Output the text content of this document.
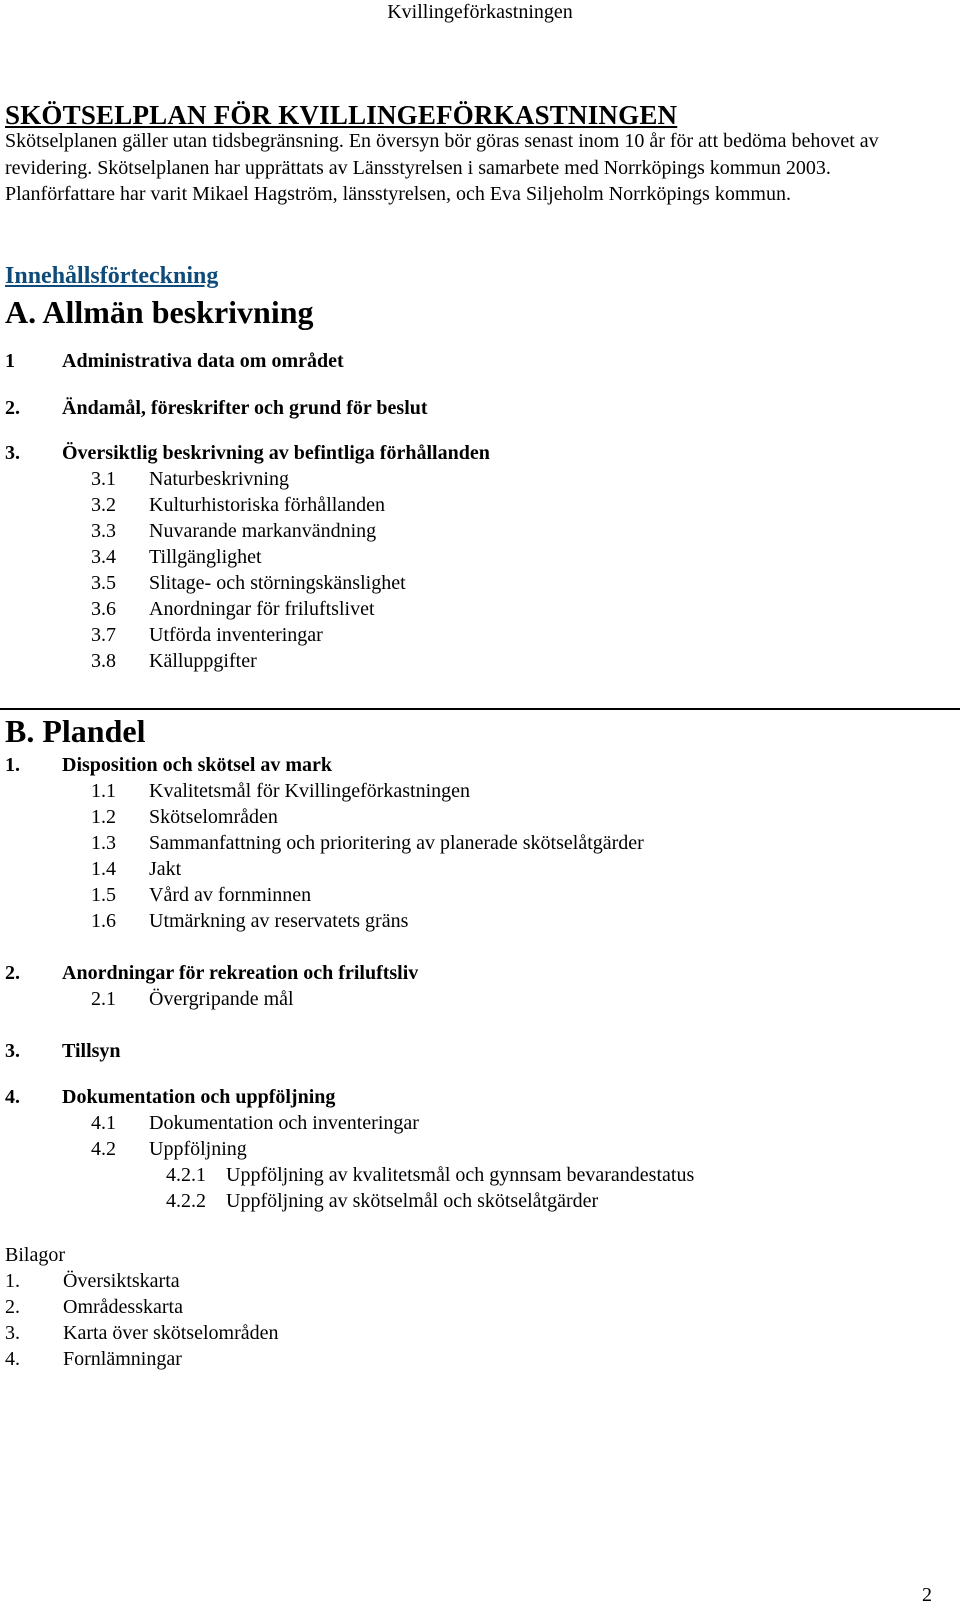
Kvillingeförkastningen
SKÖTSELPLAN FÖR KVILLINGEFÖRKASTNINGEN
Skötselplanen gäller utan tidsbegränsning. En översyn bör göras senast inom 10 år för att bedöma behovet av revidering. Skötselplanen har upprättats av Länsstyrelsen i samarbete med Norrköpings kommun 2003. Planförfattare har varit Mikael Hagström, länsstyrelsen, och Eva Siljeholm Norrköpings kommun.
Innehållsförteckning
A. Allmän beskrivning
1 Administrativa data om området
2. Ändamål, föreskrifter och grund för beslut
3. Översiktlig beskrivning av befintliga förhållanden
3.1 Naturbeskrivning
3.2 Kulturhistoriska förhållanden
3.3 Nuvarande markanvändning
3.4 Tillgänglighet
3.5 Slitage- och störningskänslighet
3.6 Anordningar för friluftslivet
3.7 Utförda inventeringar
3.8 Källuppgifter
B. Plandel
1. Disposition och skötsel av mark
1.1 Kvalitetsmål för Kvillingeförkastningen
1.2 Skötselområden
1.3 Sammanfattning och prioritering av planerade skötselåtgärder
1.4 Jakt
1.5 Vård av fornminnen
1.6 Utmärkning av reservatets gräns
2. Anordningar för rekreation och friluftsliv
2.1 Övergripande mål
3. Tillsyn
4. Dokumentation och uppföljning
4.1 Dokumentation och inventeringar
4.2 Uppföljning
4.2.1 Uppföljning av kvalitetsmål och gynnsam bevarandestatus
4.2.2 Uppföljning av skötselmål och skötselåtgärder
Bilagor
1. Översiktskarta
2. Områdesskarta
3. Karta över skötselområden
4. Fornlämningar
2
